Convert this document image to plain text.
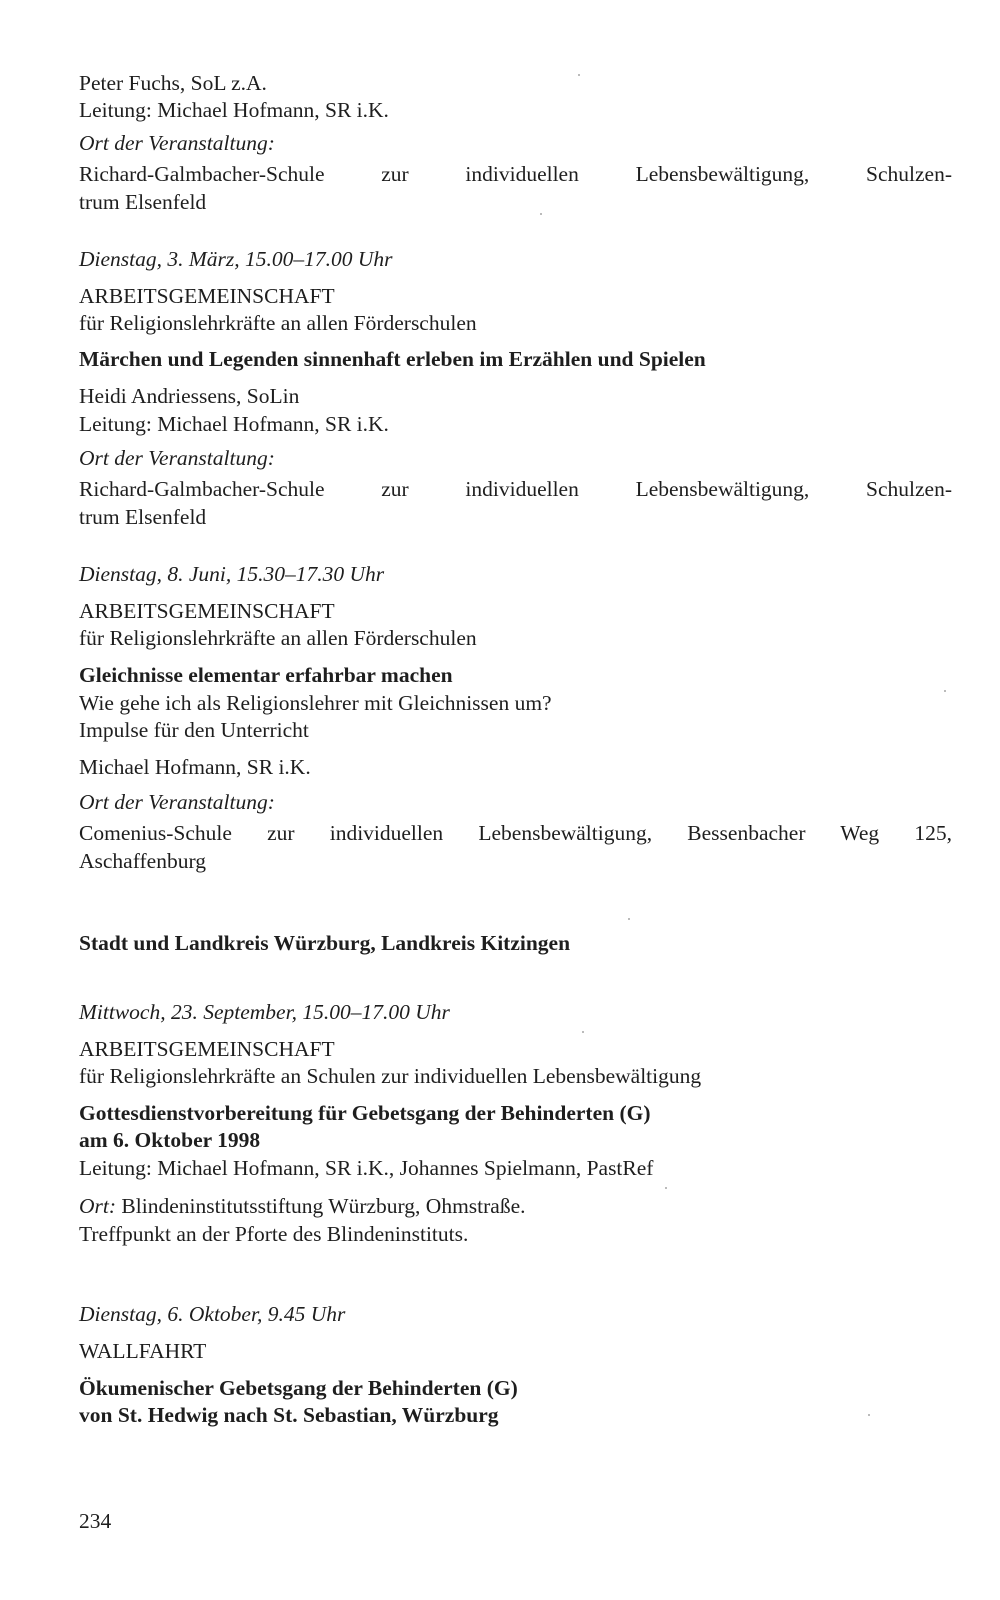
Peter Fuchs, SoL z.A.
Leitung: Michael Hofmann, SR i.K.
Ort der Veranstaltung:
Richard-Galmbacher-Schule zur individuellen Lebensbewältigung, Schulzen-
trum Elsenfeld
Dienstag, 3. März, 15.00–17.00 Uhr
ARBEITSGEMEINSCHAFT
für Religionslehrkräfte an allen Förderschulen
Märchen und Legenden sinnenhaft erleben im Erzählen und Spielen
Heidi Andriessens, SoLin
Leitung: Michael Hofmann, SR i.K.
Ort der Veranstaltung:
Richard-Galmbacher-Schule zur individuellen Lebensbewältigung, Schulzen-
trum Elsenfeld
Dienstag, 8. Juni, 15.30–17.30 Uhr
ARBEITSGEMEINSCHAFT
für Religionslehrkräfte an allen Förderschulen
Gleichnisse elementar erfahrbar machen
Wie gehe ich als Religionslehrer mit Gleichnissen um?
Impulse für den Unterricht
Michael Hofmann, SR i.K.
Ort der Veranstaltung:
Comenius-Schule zur individuellen Lebensbewältigung, Bessenbacher Weg 125,
Aschaffenburg
Stadt und Landkreis Würzburg, Landkreis Kitzingen
Mittwoch, 23. September, 15.00–17.00 Uhr
ARBEITSGEMEINSCHAFT
für Religionslehrkräfte an Schulen zur individuellen Lebensbewältigung
Gottesdienstvorbereitung für Gebetsgang der Behinderten (G)
am 6. Oktober 1998
Leitung: Michael Hofmann, SR i.K., Johannes Spielmann, PastRef
Ort: Blindeninstitutsstiftung Würzburg, Ohmstraße.
Treffpunkt an der Pforte des Blindeninstituts.
Dienstag, 6. Oktober, 9.45 Uhr
WALLFAHRT
Ökumenischer Gebetsgang der Behinderten (G)
von St. Hedwig nach St. Sebastian, Würzburg
234
